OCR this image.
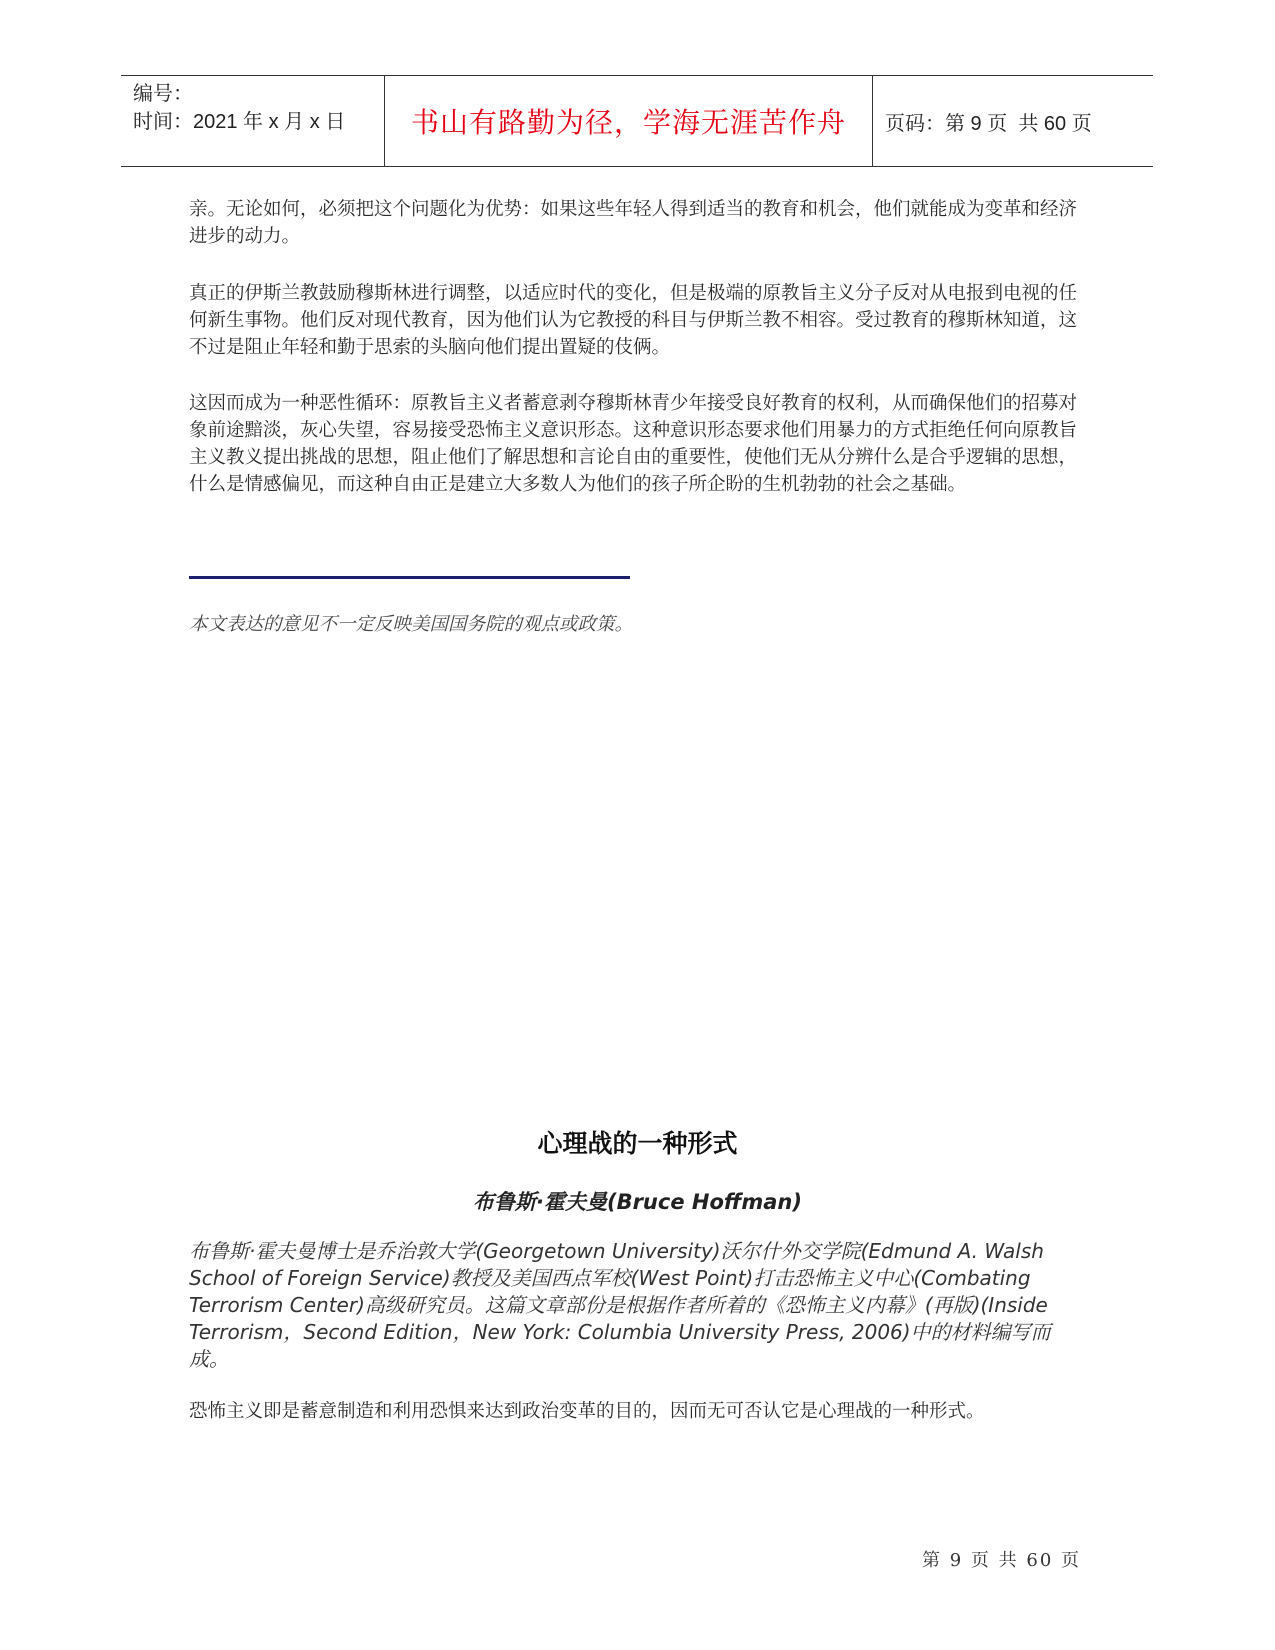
编号：
时间：2021 年 x 月 x 日	书山有路勤为径，学海无涯苦作舟	页码：第 9 页  共 60 页

亲。无论如何，必须把这个问题化为优势：如果这些年轻人得到适当的教育和机会，他们就能成为变革和经济进步的动力。

真正的伊斯兰教鼓励穆斯林进行调整，以适应时代的变化，但是极端的原教旨主义分子反对从电报到电视的任何新生事物。他们反对现代教育，因为他们认为它教授的科目与伊斯兰教不相容。受过教育的穆斯林知道，这不过是阻止年轻和勤于思索的头脑向他们提出置疑的伎俩。

这因而成为一种恶性循环：原教旨主义者蓄意剥夺穆斯林青少年接受良好教育的权利，从而确保他们的招募对象前途黯淡，灰心失望，容易接受恐怖主义意识形态。这种意识形态要求他们用暴力的方式拒绝任何向原教旨主义教义提出挑战的思想，阻止他们了解思想和言论自由的重要性，使他们无从分辨什么是合乎逻辑的思想，什么是情感偏见，而这种自由正是建立大多数人为他们的孩子所企盼的生机勃勃的社会之基础。

本文表达的意见不一定反映美国国务院的观点或政策。

心理战的一种形式
布鲁斯·霍夫曼(Bruce Hoffman)

布鲁斯·霍夫曼博士是乔治敦大学(Georgetown University)沃尔什外交学院(Edmund A. Walsh School of Foreign Service)教授及美国西点军校(West Point)打击恐怖主义中心(Combating Terrorism Center)高级研究员。这篇文章部份是根据作者所着的《恐怖主义内幕》(再版)(Inside Terrorism，Second Edition，New York: Columbia University Press, 2006)中的材料编写而成。

恐怖主义即是蓄意制造和利用恐惧来达到政治变革的目的，因而无可否认它是心理战的一种形式。

第 9 页 共 60 页
